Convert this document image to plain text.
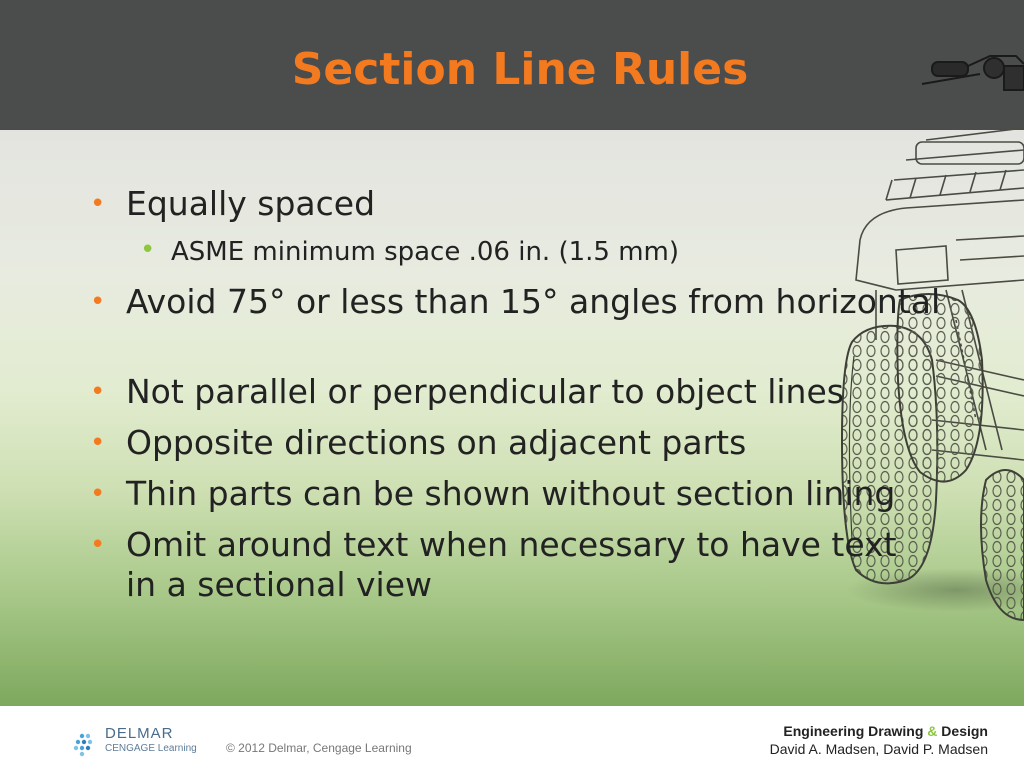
Section Line Rules
• Equally spaced
• ASME minimum space .06 in. (1.5 mm)
• Avoid 75° or less than 15° angles from horizontal
• Not parallel or perpendicular to object lines
• Opposite directions on adjacent parts
• Thin parts can be shown without section lining
• Omit around text when necessary to have text in a sectional view
DELMAR
CENGAGE Learning © 2012 Delmar, Cengage Learning
Engineering Drawing & Design
David A. Madsen, David P. Madsen
